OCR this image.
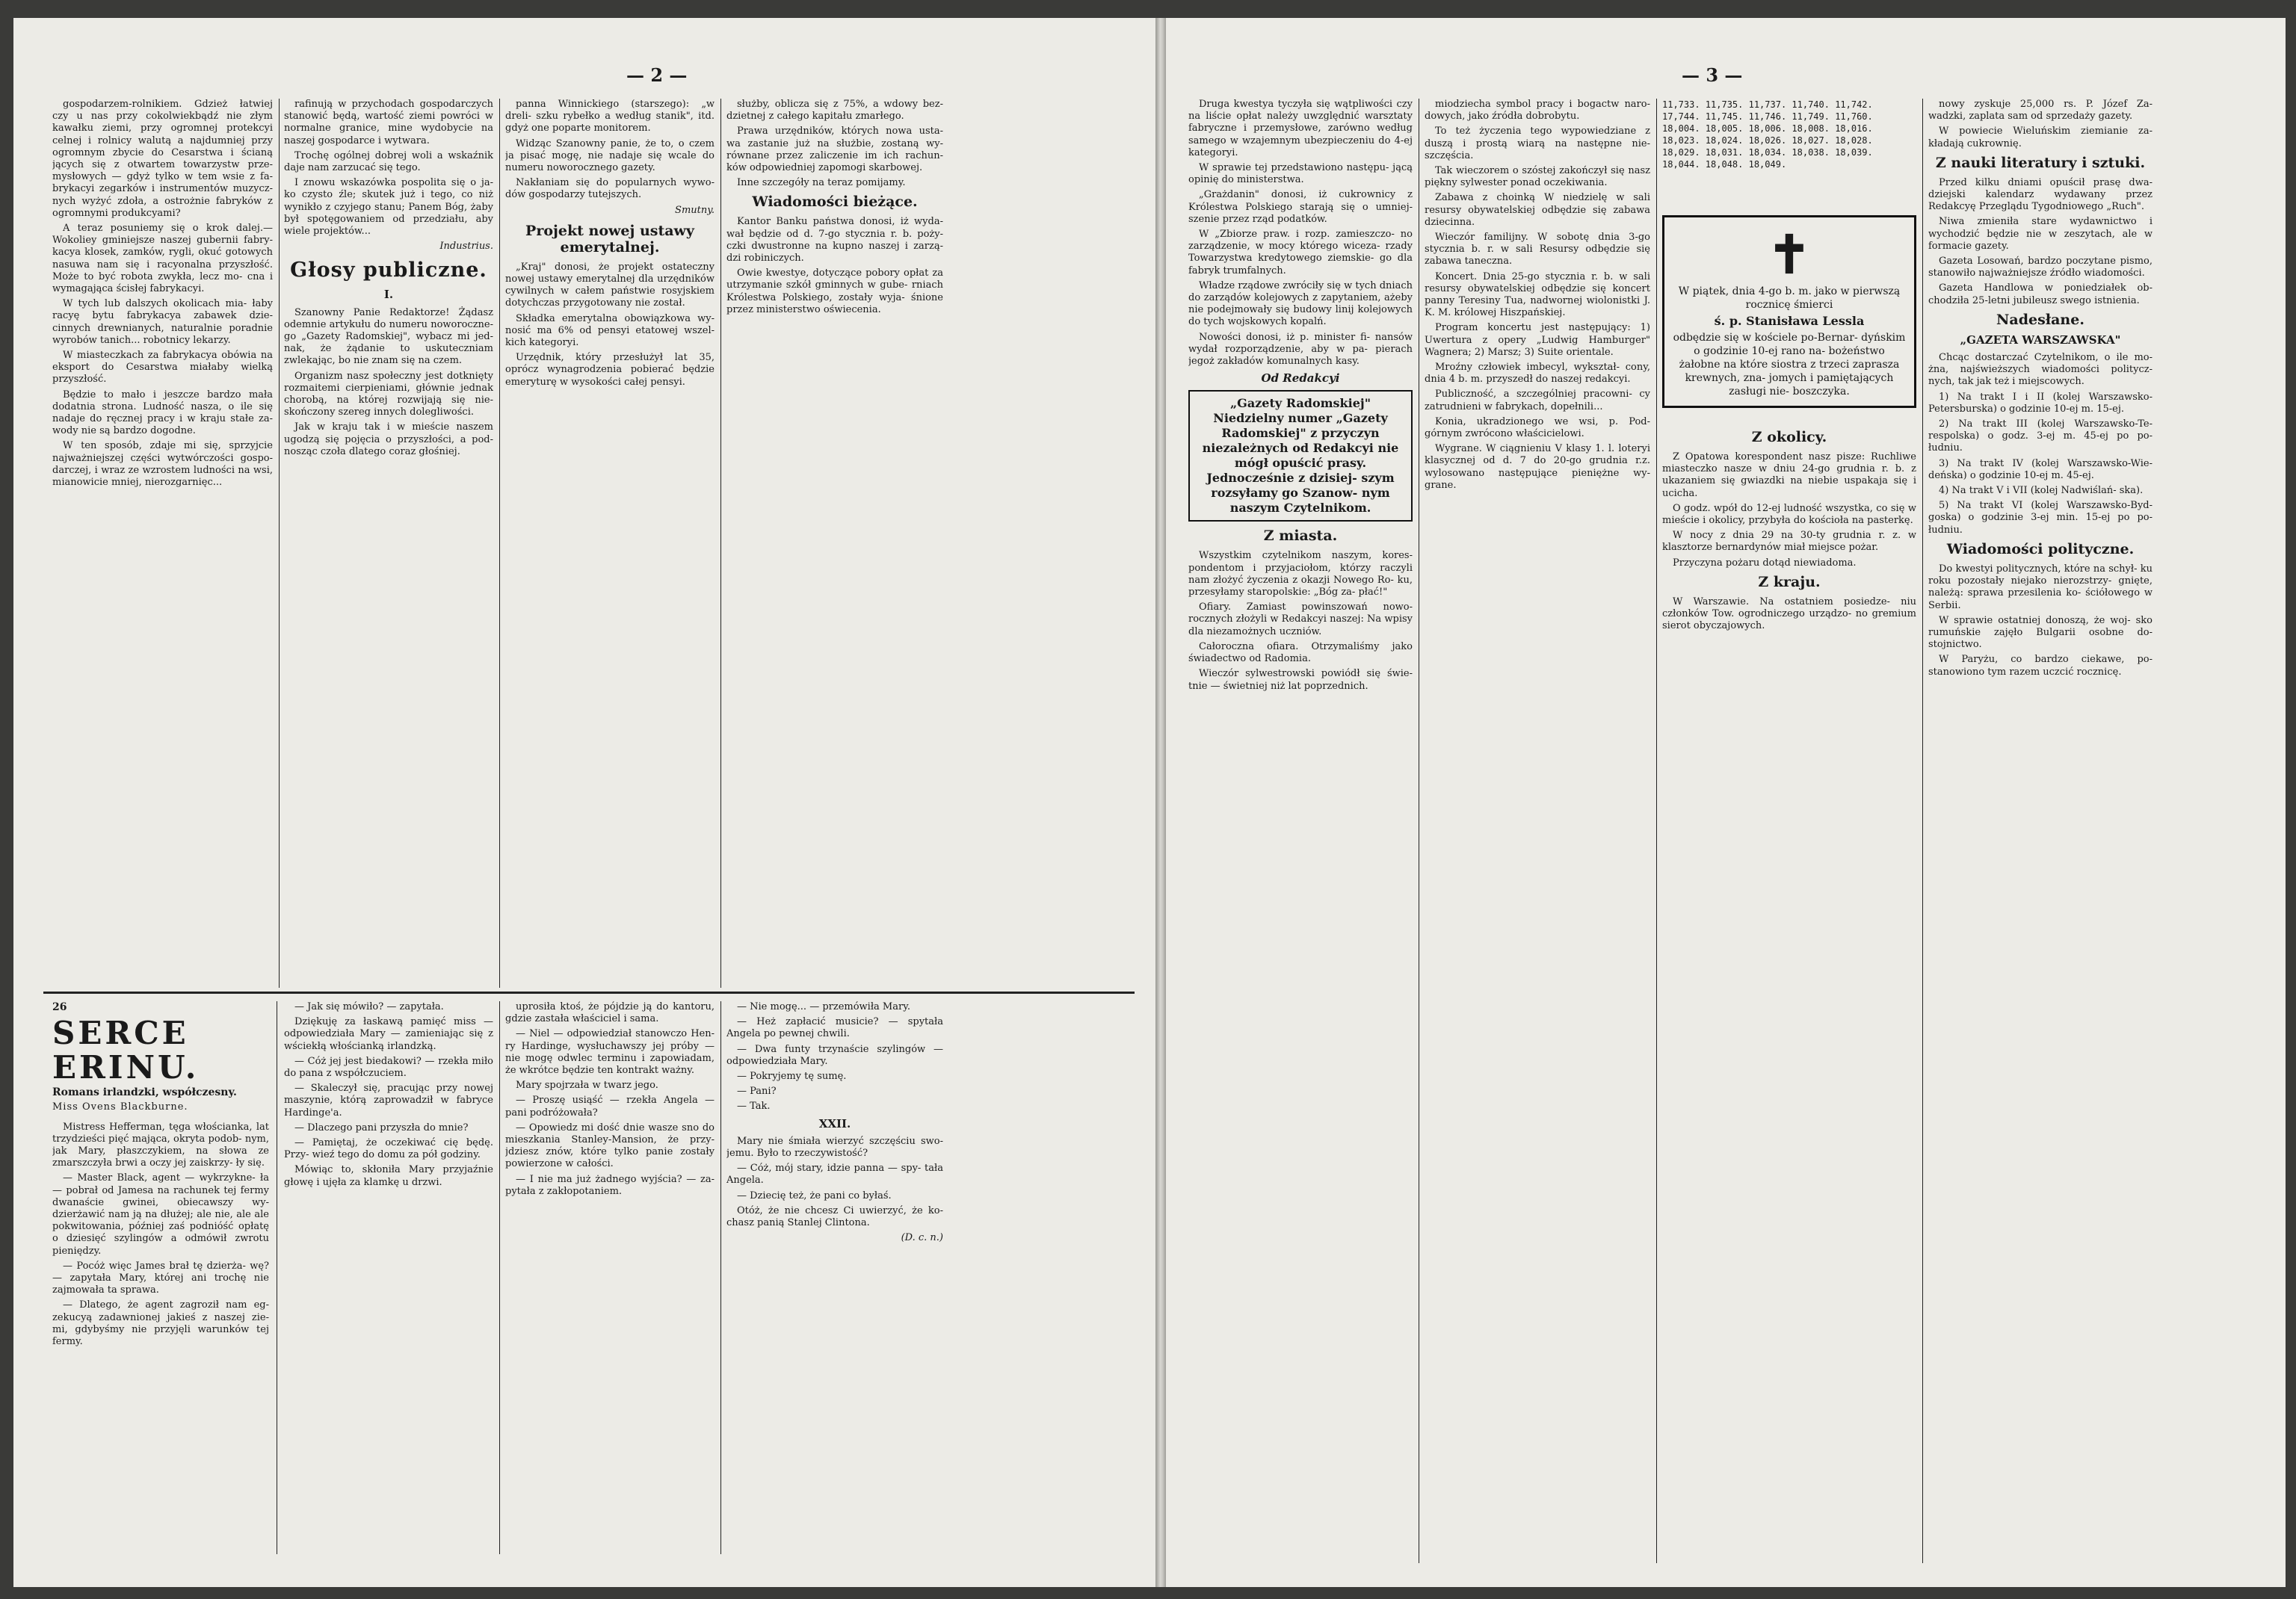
— 2 —

gospodarzem-rolnikiem. Gdzież łatwiej czy u nas przy cokolwiekbądź nie złym kawałku ziemi, przy ogromnej protekcyi celnej i rolnicy walutą a najdumniej przy ogromnym zbycie do Cesarstwa i ścianą jących się z otwartem towarzystw prze- mysłowych — gdyż tylko w tem wsie z fa- brykacyi zegarków i instrumentów muzycz- nych wyżyć zdoła, a ostrożnie fabryków z ogromnymi produkcyami?

A teraz posuniemy się o krok dalej.— Wokoliey gminiejsze naszej gubernii fabry- kacya klosek, zamków, rygli, okuć gotowych nasuwa nam się i racyonalna przyszłość. Może to być robota zwykła, lecz mo- cna i wymagająca ścisłej fabrykacyi.

W tych lub dalszych okolicach mia- łaby racyę bytu fabrykacya zabawek dzie- cinnych drewnianych, naturalnie poradnie wyrobów tanich... robotnicy lekarzy.

W miasteczkach za fabrykacya obówia na eksport do Cesarstwa miałaby wielką przyszłość.

Będzie to mało i jeszcze bardzo mała dodatnia strona. Ludność nasza, o ile się nadaje do ręcznej pracy i w kraju stałe za- wody nie są bardzo dogodne.

W ten sposób, zdaje mi się, sprzyjcie najważniejszej części wytwórczości gospo- darczej, i wraz ze wzrostem ludności na wsi, mianowicie mniej, nierozgarnięc...

rafinują w przychodach gospodarczych stanowić będą, wartość ziemi powróci w normalne granice, mine wydobycie na naszej gospodarce i wytwara.

Trochę ogólnej dobrej woli a wskaźnik daje nam zarzucać się tego.

I znowu wskazówka pospolita się o ja- ko czysto źle; skutek już i tego, co niż wynikło z czyjego stanu; Panem Bóg, żaby był spotęgowaniem od przedziału, aby wiele projektów...

Industrius.
Głosy publiczne.
I.

Szanowny Panie Redaktorze! Żądasz odemnie artykułu do numeru noworoczne- go „Gazety Radomskiej", wybacz mi jed- nak, że żądanie to uskuteczniam zwlekając, bo nie znam się na czem.

Organizm nasz społeczny jest dotknięty rozmaitemi cierpieniami, głównie jednak chorobą, na której rozwijają się nie- skończony szereg innych dolegliwości.

Jak w kraju tak i w mieście naszem ugodzą się pojęcia o przyszłości, a pod- nosząc czoła dlatego coraz głośniej.

panna Winnickiego (starszego): „w dreli- szku rybełko a według stanik", itd. gdyż one poparte monitorem.

Widząc Szanowny panie, że to, o czem ja pisać mogę, nie nadaje się wcale do numeru noworocznego gazety.

Nakłaniam się do popularnych wywo- dów gospodarzy tutejszych.

Smutny.
Projekt nowej ustawy emerytalnej.

„Kraj" donosi, że projekt ostateczny nowej ustawy emerytalnej dla urzędników cywilnych w całem państwie rosyjskiem dotychczas przygotowany nie został.

Składka emerytalna obowiązkowa wy- nosić ma 6% od pensyi etatowej wszel- kich kategoryi.

Urzędnik, który przesłużył lat 35, oprócz wynagrodzenia pobierać będzie emeryturę w wysokości całej pensyi.

służby, oblicza się z 75%, a wdowy bez- dzietnej z całego kapitału zmarłego.

Prawa urzędników, których nowa usta- wa zastanie już na służbie, zostaną wy- równane przez zaliczenie im ich rachun- ków odpowiedniej zapomogi skarbowej.

Inne szczegóły na teraz pomijamy.

Wiadomości bieżące.

Kantor Banku państwa donosi, iż wyda- wał będzie od d. 7-go stycznia r. b. poży- czki dwustronne na kupno naszej i zarzą- dzi robiniczych.

Owie kwestye, dotyczące pobory opłat za utrzymanie szkół gminnych w gube- rniach Królestwa Polskiego, zostały wyja- śnione przez ministerstwo oświecenia.

26
SERCE ERINU.
Romans irlandzki, współczesny.
Miss Ovens Blackburne.

Mistress Hefferman, tęga włościanka, lat trzydzieści pięć mająca, okryta podob- nym, jak Mary, płaszczykiem, na słowa ze zmarszczyła brwi a oczy jej zaiskrzy- ły się.

— Master Black, agent — wykrzykne- ła — pobrał od Jamesa na rachunek tej fermy dwanaście gwinei, obiecawszy wy- dzierżawić nam ją na dłużej; ale nie, ale ale pokwitowania, później zaś podnióść opłatę o dziesięć szylingów a odmówił zwrotu pieniędzy.

— Pocóż więc James brał tę dzierża- wę? — zapytała Mary, której ani trochę nie zajmowała ta sprawa.

— Dlatego, że agent zagroził nam eg- zekucyą zadawnionej jakieś z naszej zie- mi, gdybyśmy nie przyjęli warunków tej fermy.

— Jak się mówiło? — zapytała.

Dziękuję za łaskawą pamięć miss — odpowiedziała Mary — zamieniając się z wściekłą włościanką irlandzką.

— Cóż jej jest biedakowi? — rzekła miło do pana z współczuciem.

— Skaleczył się, pracując przy nowej maszynie, którą zaprowadził w fabryce Hardinge'a.

— Dlaczego pani przyszła do mnie?

— Pamiętaj, że oczekiwać cię będę. Przy- wieź tego do domu za pół godziny.

Mówiąc to, skłoniła Mary przyjaźnie głowę i ujęła za klamkę u drzwi.

uprosiła ktoś, że pójdzie ją do kantoru, gdzie zastała właściciel i sama.

— Niel — odpowiedział stanowczo Hen- ry Hardinge, wysłuchawszy jej próby — nie mogę odwlec terminu i zapowiadam, że wkrótce będzie ten kontrakt ważny.

Mary spojrzała w twarz jego.

— Proszę usiąść — rzekła Angela — pani podróżowała?

— Opowiedz mi dość dnie wasze sno do mieszkania Stanley-Mansion, że przy- jdziesz znów, które tylko panie zostały powierzone w całości.

— I nie ma już żadnego wyjścia? — za- pytała z zakłopotaniem.

— Nie mogę... — przemówiła Mary.

— Heż zapłacić musicie? — spytała Angela po pewnej chwili.

— Dwa funty trzynaście szylingów — odpowiedziała Mary.

— Pokryjemy tę sumę.

— Pani?

— Tak.

XXII.

Mary nie śmiała wierzyć szczęściu swo- jemu. Było to rzeczywistość?

— Cóż, mój stary, idzie panna — spy- tała Angela.

— Dziecię też, że pani co byłaś.

Otóż, że nie chcesz Ci uwierzyć, że ko- chasz panią Stanlej Clintona.

(D. c. n.)
— 3 —

Druga kwestya tyczyła się wątpliwości czy na liście opłat należy uwzględnić warsztaty fabryczne i przemysłowe, zarówno według samego w wzajemnym ubezpieczeniu do 4-ej kategoryi.

W sprawie tej przedstawiono następu- jącą opinię do ministerstwa.

„Grażdanin" donosi, iż cukrownicy z Królestwa Polskiego starają się o umniej- szenie przez rząd podatków.

W „Zbiorze praw. i rozp. zamieszczo- no zarządzenie, w mocy którego wiceza- rzady Towarzystwa kredytowego ziemskie- go dla fabryk trumfalnych.

Władze rządowe zwróciły się w tych dniach do zarządów kolejowych z zapytaniem, ażeby nie podejmowały się budowy linij kolejowych do tych wojskowych kopalń.

Nowości donosi, iż p. minister fi- nansów wydał rozporządzenie, aby w pa- pierach jegoż zakładów komunalnych kasy.

Od Redakcyi
„Gazety Radomskiej" Niedzielny numer „Gazety Radomskiej" z przyczyn niezależnych od Redakcyi nie mógł opuścić prasy. Jednocześnie z dzisiej- szym rozsyłamy go Szanow- nym naszym Czytelnikom.
Z miasta.

Wszystkim czytelnikom naszym, kores- pondentom i przyjaciołom, którzy raczyli nam złożyć życzenia z okazji Nowego Ro- ku, przesyłamy staropolskie: „Bóg za- płać!"

Ofiary. Zamiast powinszowań nowo- rocznych złożyli w Redakcyi naszej: Na wpisy dla niezamożnych uczniów.

Całoroczna ofiara. Otrzymaliśmy jako świadectwo od Radomia.

Wieczór sylwestrowski powiódł się świe- tnie — świetniej niż lat poprzednich.

miodziecha symbol pracy i bogactw naro- dowych, jako źródła dobrobytu.

To też życzenia tego wypowiedziane z duszą i prostą wiarą na następne nie- szczęścia.

Tak wieczorem o szóstej zakończył się nasz piękny sylwester ponad oczekiwania.

Zabawa z choinką W niedzielę w sali resursy obywatelskiej odbędzie się zabawa dziecinna.

Wieczór familijny. W sobotę dnia 3-go stycznia b. r. w sali Resursy odbędzie się zabawa taneczna.

Koncert. Dnia 25-go stycznia r. b. w sali resursy obywatelskiej odbędzie się koncert panny Teresiny Tua, nadwornej wiolonistki J. K. M. królowej Hiszpańskiej.

Program koncertu jest następujący: 1) Uwertura z opery „Ludwig Hamburger" Wagnera; 2) Marsz; 3) Suite orientale.

Mroźny człowiek imbecyl, wykształ- cony, dnia 4 b. m. przyszedł do naszej redakcyi.

Publiczność, a szczególniej pracowni- cy zatrudnieni w fabrykach, dopełnili...

Konia, ukradzionego we wsi, p. Pod- górnym zwrócono właścicielowi.

Wygrane. W ciągnieniu V klasy 1. l. loteryi klasycznej od d. 7 do 20-go grudnia r.z. wylosowano następujące pieniężne wy- grane.

11,733. 11,735. 11,737. 11,740. 11,742.
17,744. 11,745. 11,746. 11,749. 11,760.
18,004. 18,005. 18,006. 18,008. 18,016.
18,023. 18,024. 18,026. 18,027. 18,028.
18,029. 18,031. 18,034. 18,038. 18,039.
18,044. 18,048. 18,049.
✝
W piątek, dnia 4-go b. m. jako w pierwszą rocznicę śmierci
ś. p. Stanisława Lessla
odbędzie się w kościele po-Bernar- dyńskim o godzinie 10-ej rano na- bożeństwo żałobne na które siostra z trzeci zaprasza krewnych, zna- jomych i pamiętających zasługi nie- boszczyka.
Z okolicy.

Z Opatowa korespondent nasz pisze: Ruchliwe miasteczko nasze w dniu 24-go grudnia r. b. z ukazaniem się gwiazdki na niebie uspakaja się i ucicha.

O godz. wpół do 12-ej ludność wszystka, co się w mieście i okolicy, przybyła do kościoła na pasterkę.

W nocy z dnia 29 na 30-ty grudnia r. z. w klasztorze bernardynów miał miejsce pożar.

Przyczyna pożaru dotąd niewiadoma.

Z kraju.

W Warszawie. Na ostatniem posiedze- niu członków Tow. ogrodniczego urządzo- no gremium sierot obyczajowych.

nowy zyskuje 25,000 rs. P. Józef Za- wadzki, zaplata sam od sprzedaży gazety.

W powiecie Wieluńskim ziemianie za- kładają cukrownię.

Z nauki literatury i sztuki.

Przed kilku dniami opuścił prasę dwa- dziejski kalendarz wydawany przez Redakcyę Przeglądu Tygodniowego „Ruch".

Niwa zmieniła stare wydawnictwo i wychodzić będzie nie w zeszytach, ale w formacie gazety.

Gazeta Losowań, bardzo poczytane pismo, stanowiło najważniejsze źródło wiadomości.

Gazeta Handlowa w poniedziałek ob- chodziła 25-letni jubileusz swego istnienia.

Nadesłane.
„GAZETA WARSZAWSKA"

Chcąc dostarczać Czytelnikom, o ile mo- żna, najświeższych wiadomości politycz- nych, tak jak też i miejscowych.

1) Na trakt I i II (kolej Warszawsko- Petersburska) o godzinie 10-ej m. 15-ej.

2) Na trakt III (kolej Warszawsko-Te- respolska) o godz. 3-ej m. 45-ej po po- łudniu.

3) Na trakt IV (kolej Warszawsko-Wie- deńska) o godzinie 10-ej m. 45-ej.

4) Na trakt V i VII (kolej Nadwiślań- ska).

5) Na trakt VI (kolej Warszawsko-Byd- goska) o godzinie 3-ej min. 15-ej po po- łudniu.

Wiadomości polityczne.

Do kwestyi politycznych, które na schył- ku roku pozostały niejako nierozstrzy- gnięte, należą: sprawa przesilenia ko- ściółowego w Serbii.

W sprawie ostatniej donoszą, że woj- sko rumuńskie zajęło Bulgarii osobne do- stojnictwo.

W Paryżu, co bardzo ciekawe, po- stanowiono tym razem uczcić rocznicę.
